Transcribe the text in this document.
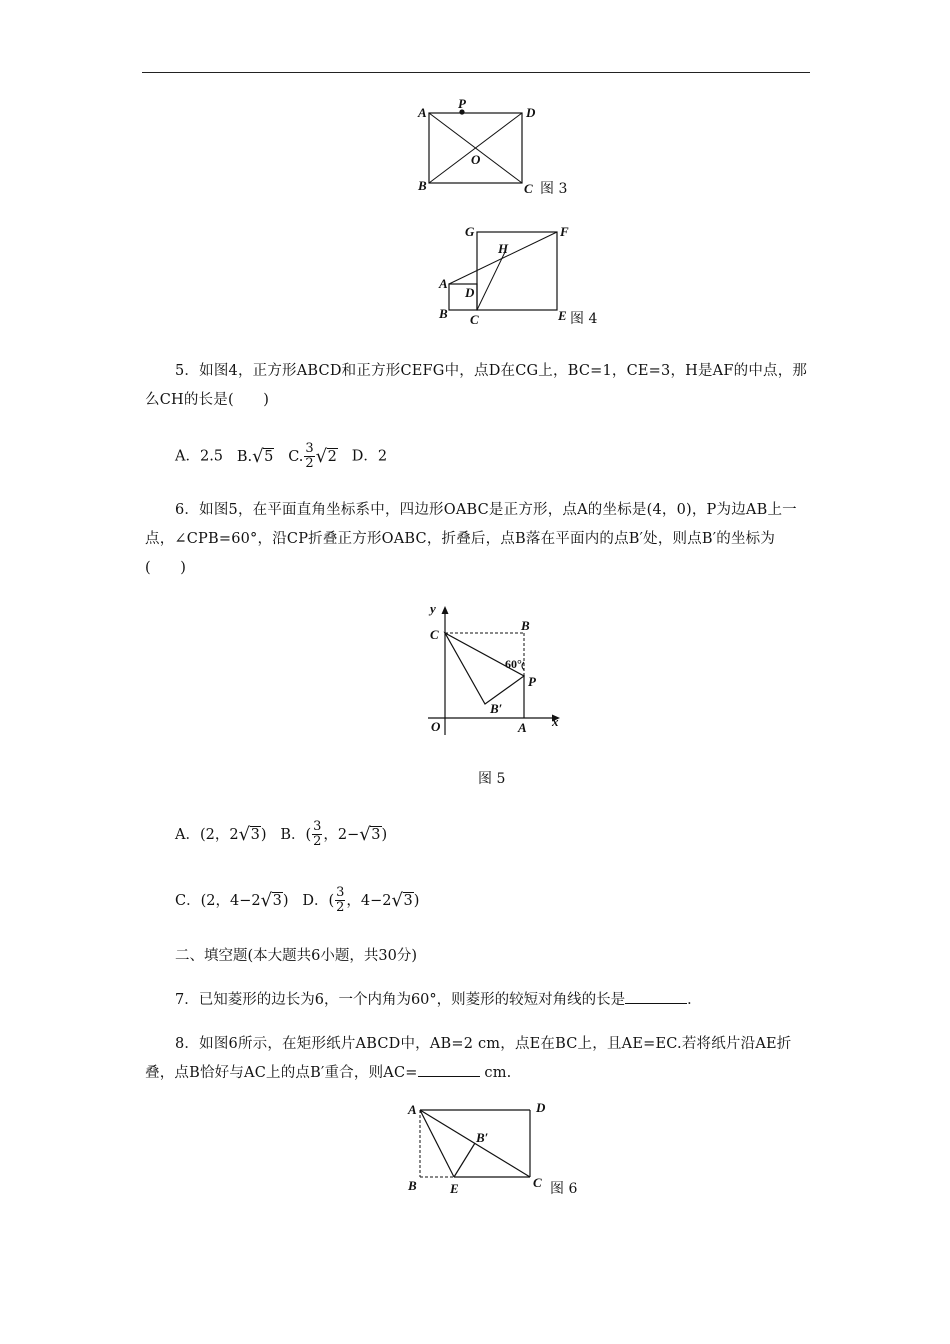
A
P
D
O
B	C 图 3
G	F
H
A
D
B C	E 图 4
5．如图4，正方形ABCD和正方形CEFG中，点D在CG上，BC=1，CE=3，H是AF的中点，那么CH的长是(　　)
A．2.5 B. √ 5 C. $\frac{3}{2}$ √ 2 D．2
6．如图5，在平面直角坐标系中，四边形OABC是正方形，点A的坐标是(4，0)，P为边AB上一点，∠CPB=60°，沿CP折叠正方形OABC，折叠后，点B落在平面内的点B′处，则点B′的坐标为(　　)
y
x
C
B
60°
P
B′
O	A
图 5
A．(2，2 √ 3) B．( $\frac{3}{2}$ ，2− √ 3)
C．(2，4−2 √ 3) D．( $\frac{3}{2}$ ，4−2 √ 3)
二、填空题(本大题共6小题，共30分)
7．已知菱形的边长为6，一个内角为60°，则菱形的较短对角线的长是	．
8．如图6所示，在矩形纸片ABCD中，AB=2 cm，点E在BC上，且AE=EC.若将纸片沿AE折叠，点B恰好与AC上的点B′重合，则AC=	cm.
A	D
B′
B	E	C 图 6
